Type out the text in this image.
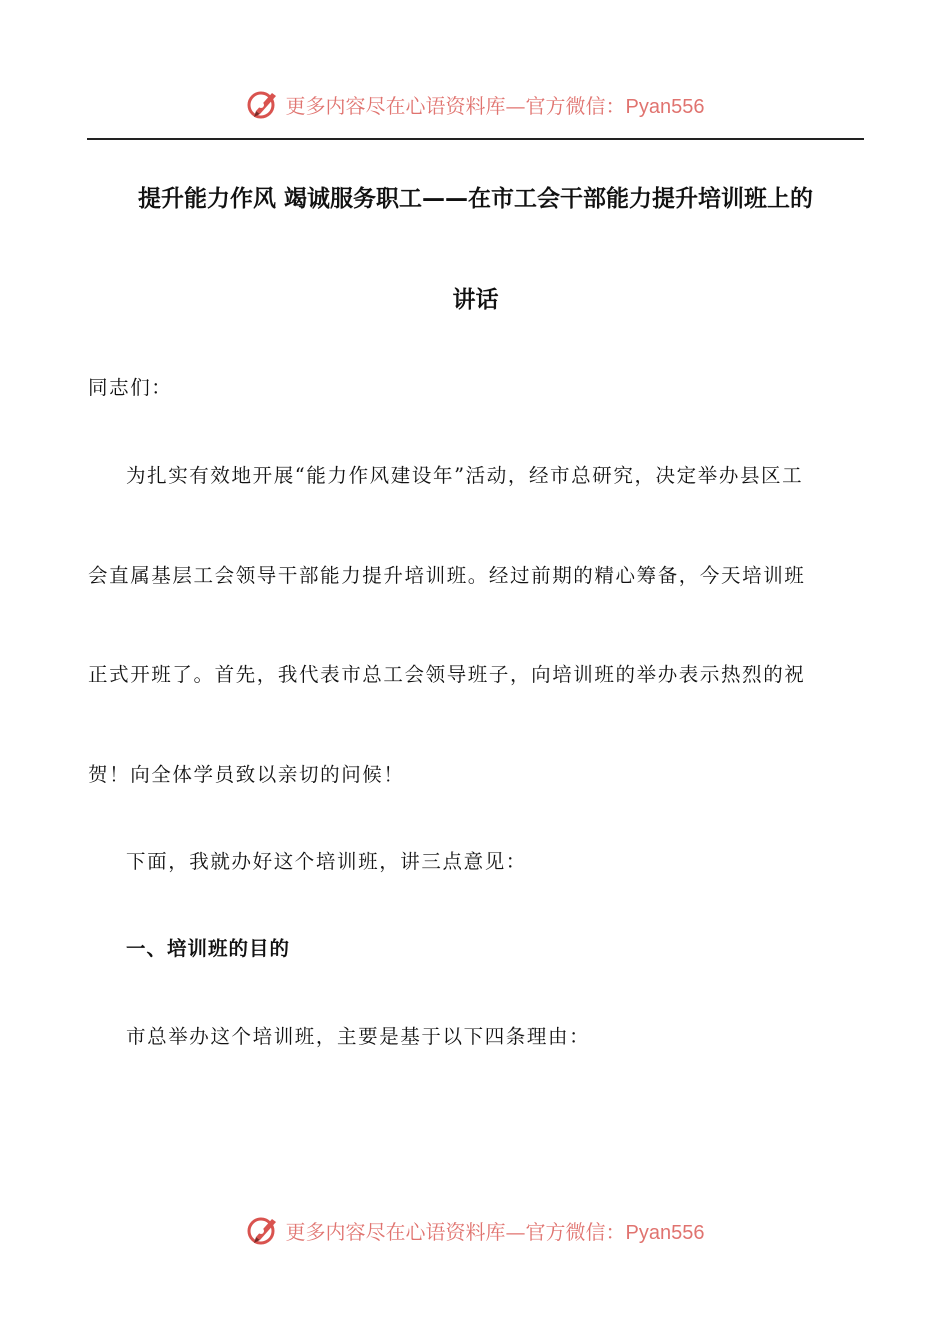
更多内容尽在心语资料库—官方微信：Pyan556
提升能力作风 竭诚服务职工——在市工会干部能力提升培训班上的
讲话
同志们：
为扎实有效地开展“能力作风建设年”活动，经市总研究，决定举办县区工
会直属基层工会领导干部能力提升培训班。经过前期的精心筹备，今天培训班
正式开班了。首先，我代表市总工会领导班子，向培训班的举办表示热烈的祝
贺！向全体学员致以亲切的问候！
下面，我就办好这个培训班，讲三点意见：
一、培训班的目的
市总举办这个培训班，主要是基于以下四条理由：
更多内容尽在心语资料库—官方微信：Pyan556
